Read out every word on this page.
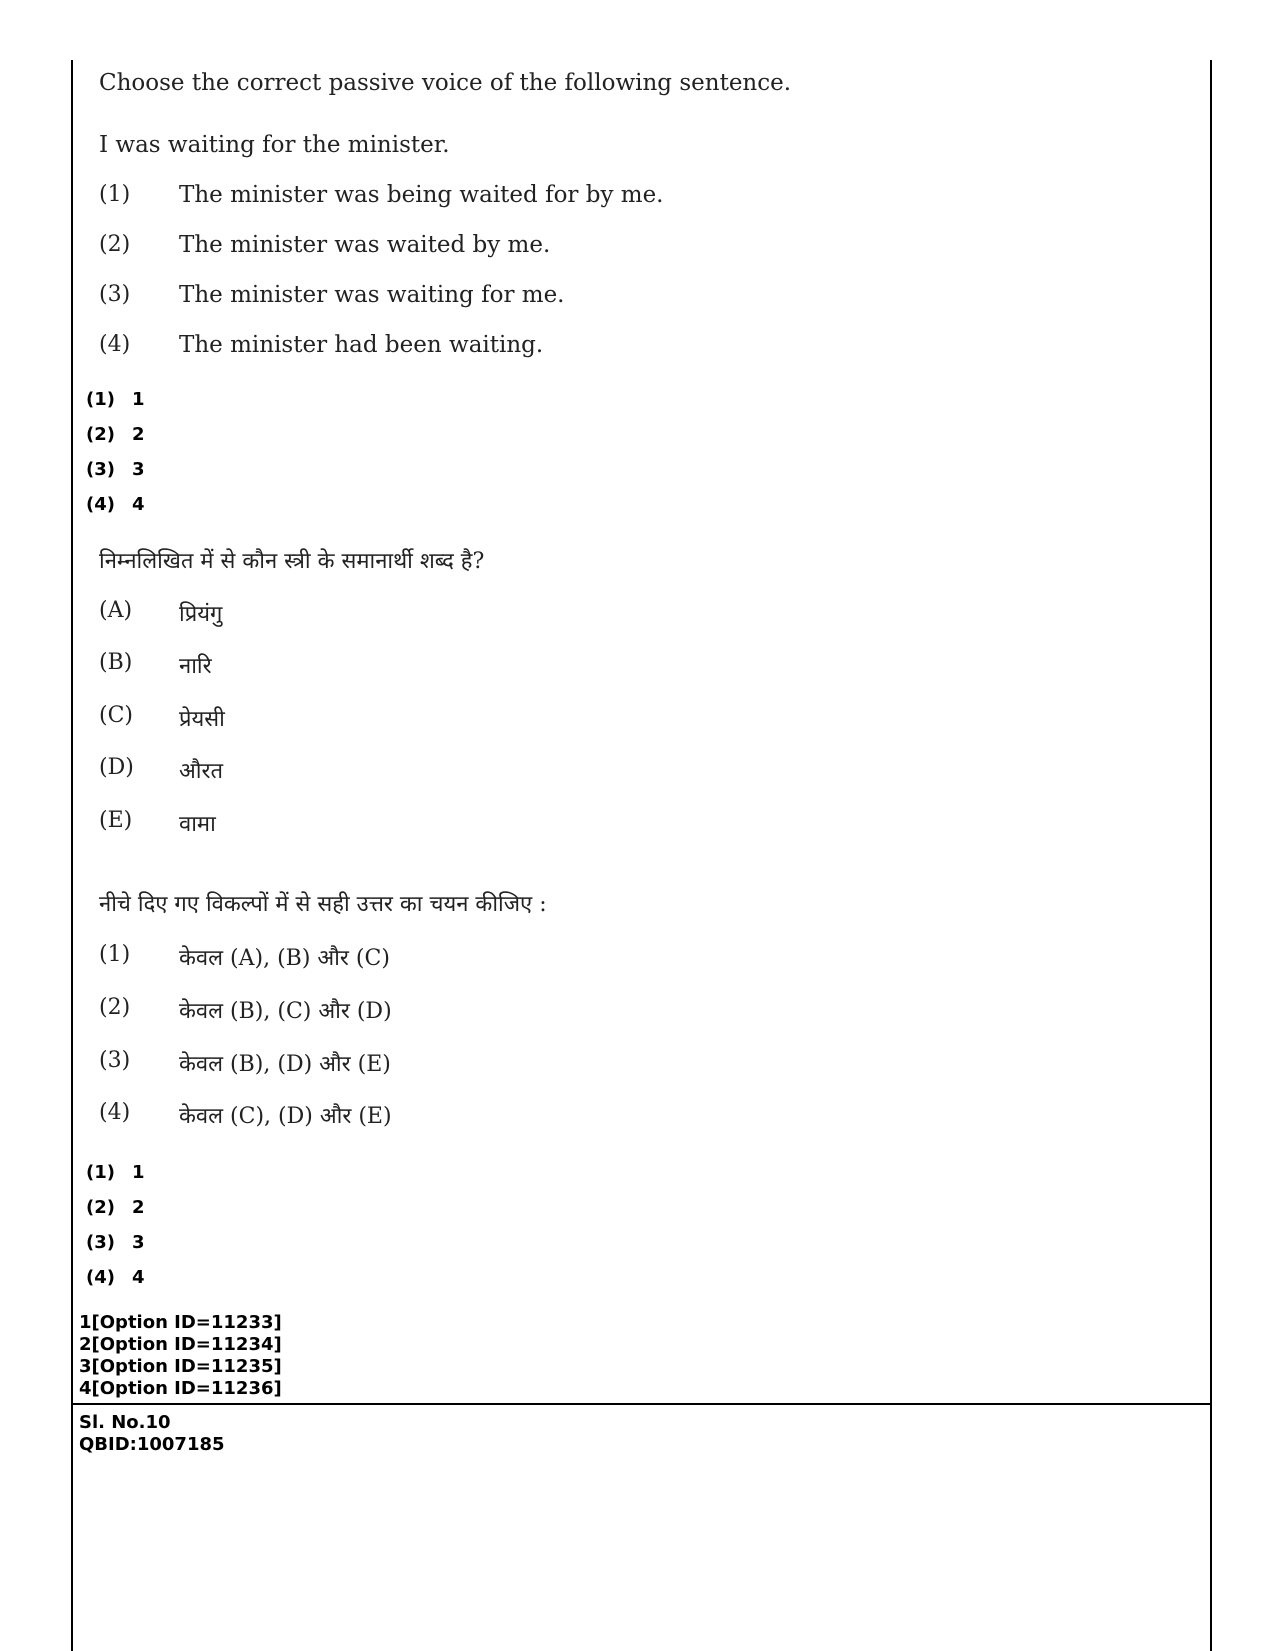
Choose the correct passive voice of the following sentence.
I was waiting for the minister.
(1) The minister was being waited for by me.
(2) The minister was waited by me.
(3) The minister was waiting for me.
(4) The minister had been waiting.
(1) 1
(2) 2
(3) 3
(4) 4
निम्नलिखित में से कौन स्त्री के समानार्थी शब्द है?
(A) प्रियंगु
(B) नारि
(C) प्रेयसी
(D) औरत
(E) वामा
नीचे दिए गए विकल्पों में से सही उत्तर का चयन कीजिए :
(1) केवल (A), (B) और (C)
(2) केवल (B), (C) और (D)
(3) केवल (B), (D) और (E)
(4) केवल (C), (D) और (E)
(1) 1
(2) 2
(3) 3
(4) 4
1[Option ID=11233]
2[Option ID=11234]
3[Option ID=11235]
4[Option ID=11236]
Sl. No.10
QBID:1007185
